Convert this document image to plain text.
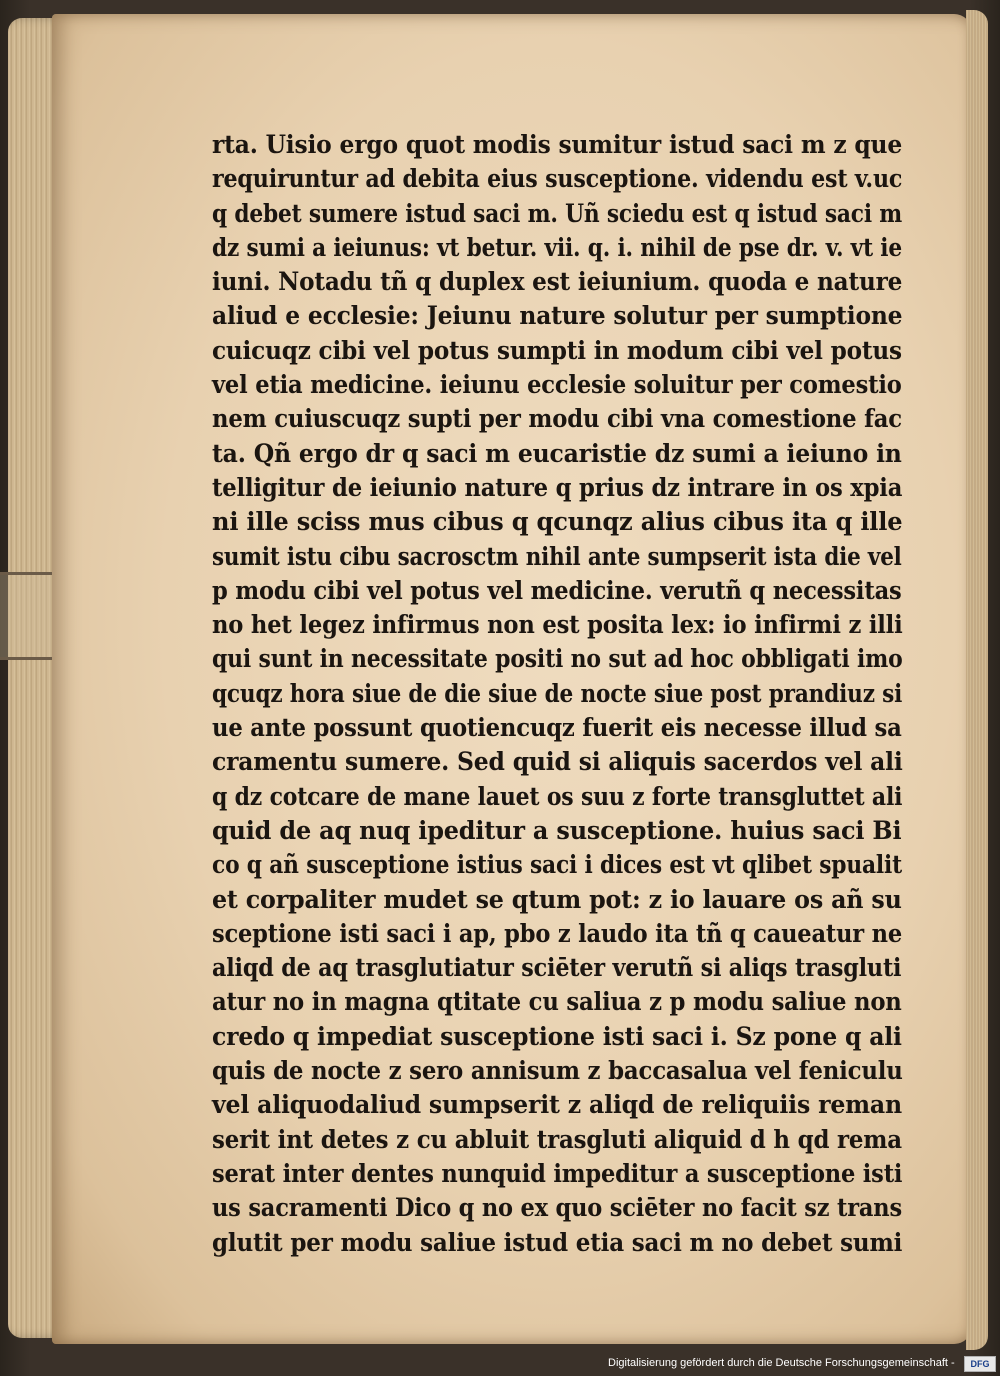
rta. Uisio ergo quot modis sumitur istud saci m z que
requiruntur ad debita eius susceptione. videndu est v.uc
q debet sumere istud saci m. Uñ sciedu est q istud saci m
dz sumi a ieiunus: vt betur. vii. q. i. nihil de pse dr. v. vt ie
iuni. Notadu tñ q duplex est ieiunium. quoda e nature
aliud e ecclesie: Jeiunu nature solutur per sumptione
cuicuqz cibi vel potus sumpti in modum cibi vel potus
vel etia medicine. ieiunu ecclesie soluitur per comestio
nem cuiuscuqz supti per modu cibi vna comestione fac
ta. Qñ ergo dr q saci m eucaristie dz sumi a ieiuno in
telligitur de ieiunio nature q prius dz intrare in os xpia
ni ille sciss mus cibus q qcunqz alius cibus ita q ille
sumit istu cibu sacrosctm nihil ante sumpserit ista die vel
p modu cibi vel potus vel medicine. verutñ q necessitas
no het legez infirmus non est posita lex: io infirmi z illi
qui sunt in necessitate positi no sut ad hoc obbligati imo
qcuqz hora siue de die siue de nocte siue post prandiuz si
ue ante possunt quotiencuqz fuerit eis necesse illud sa
cramentu sumere. Sed quid si aliquis sacerdos vel ali
q dz cotcare de mane lauet os suu z forte transgluttet ali
quid de aq nuq ipeditur a susceptione. huius saci Bi
co q añ susceptione istius saci i dices est vt qlibet spualit
et corpaliter mudet se qtum pot: z io lauare os añ su
sceptione isti saci i ap, pbo z laudo ita tñ q caueatur ne
aliqd de aq trasglutiatur sciēter verutñ si aliqs trasgluti
atur no in magna qtitate cu saliua z p modu saliue non
credo q impediat susceptione isti saci i. Sz pone q ali
quis de nocte z sero annisum z baccasalua vel feniculu
vel aliquodaliud sumpserit z aliqd de reliquiis reman
serit int detes z cu abluit trasgluti aliquid d h qd rema
serat inter dentes nunquid impeditur a susceptione isti
us sacramenti Dico q no ex quo sciēter no facit sz trans
glutit per modu saliue istud etia saci m no debet sumi
Digitalisierung gefördert durch die Deutsche Forschungsgemeinschaft -	DFG
